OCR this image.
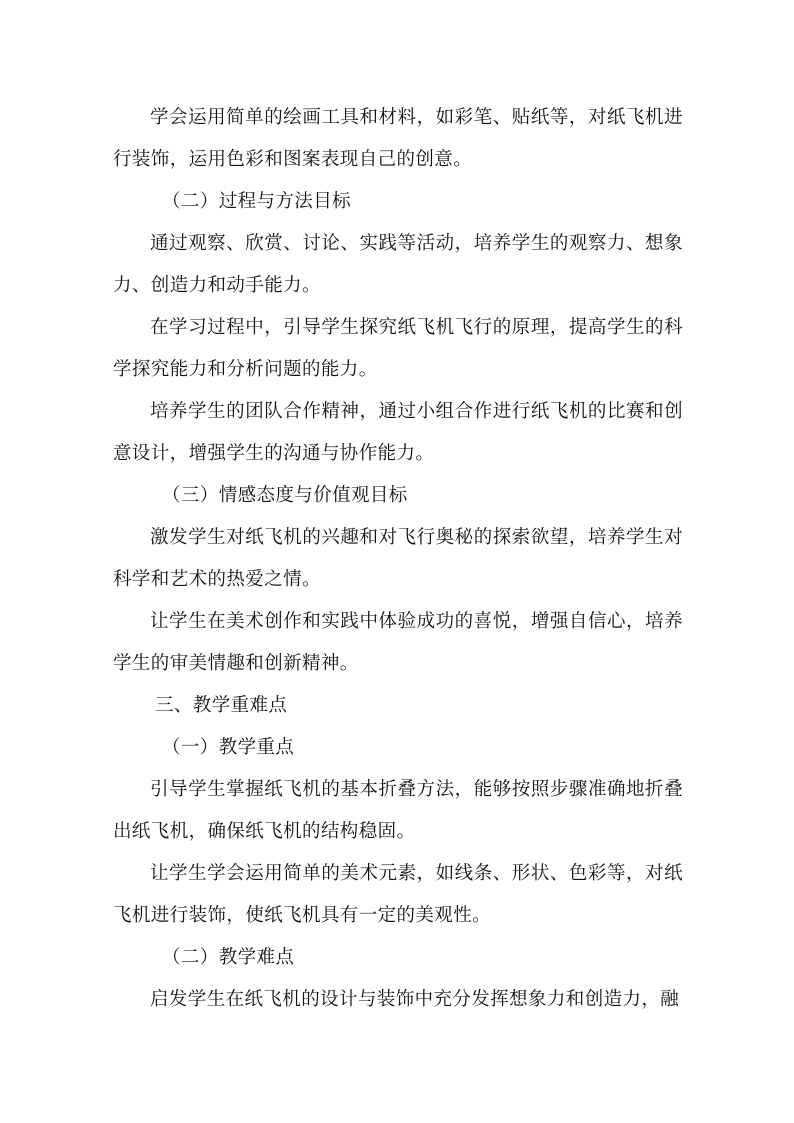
学会运用简单的绘画工具和材料，如彩笔、贴纸等，对纸飞机进行装饰，运用色彩和图案表现自己的创意。

（二）过程与方法目标

通过观察、欣赏、讨论、实践等活动，培养学生的观察力、想象力、创造力和动手能力。

在学习过程中，引导学生探究纸飞机飞行的原理，提高学生的科学探究能力和分析问题的能力。

培养学生的团队合作精神，通过小组合作进行纸飞机的比赛和创意设计，增强学生的沟通与协作能力。

（三）情感态度与价值观目标

激发学生对纸飞机的兴趣和对飞行奥秘的探索欲望，培养学生对科学和艺术的热爱之情。

让学生在美术创作和实践中体验成功的喜悦，增强自信心，培养学生的审美情趣和创新精神。

三、教学重难点

（一）教学重点

引导学生掌握纸飞机的基本折叠方法，能够按照步骤准确地折叠出纸飞机，确保纸飞机的结构稳固。

让学生学会运用简单的美术元素，如线条、形状、色彩等，对纸飞机进行装饰，使纸飞机具有一定的美观性。

（二）教学难点

启发学生在纸飞机的设计与装饰中充分发挥想象力和创造力，融
